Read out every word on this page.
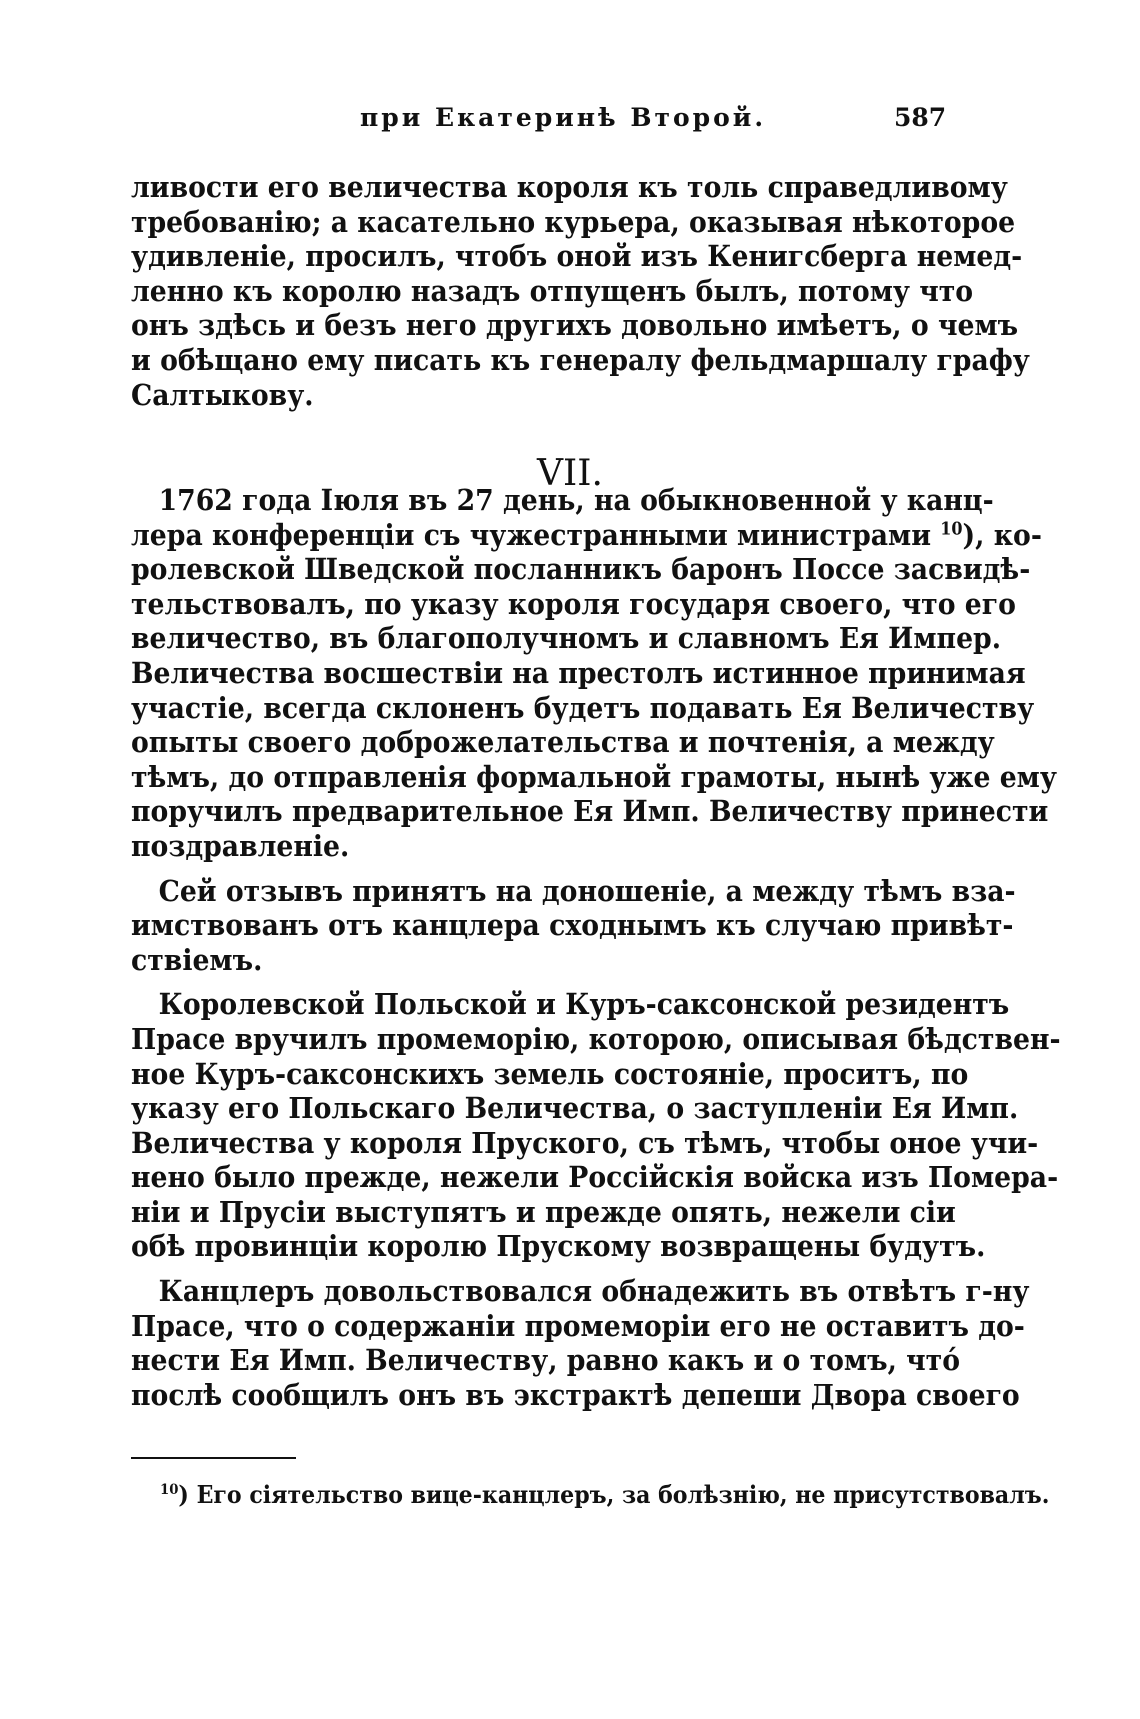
при Екатеринѣ Второй.	587
ливости его величества короля къ толь справедливому
требованію; а касательно курьера, оказывая нѣкоторое
удивленіе, просилъ, чтобъ оной изъ Кенигсберга немед-
ленно къ королю назадъ отпущенъ былъ, потому что
онъ здѣсь и безъ него другихъ довольно имѣетъ, о чемъ
и обѣщано ему писать къ генералу фельдмаршалу графу
Салтыкову.
VII.
1762 года Іюля въ 27 день, на обыкновенной у канц-
лера конференціи съ чужестранными министрами $^{10}$), ко-
ролевской Шведской посланникъ баронъ Поссе засвидѣ-
тельствовалъ, по указу короля государя своего, что его
величество, въ благополучномъ и славномъ Ея Импер.
Величества восшествіи на престолъ истинное принимая
участіе, всегда склоненъ будетъ подавать Ея Величеству
опыты своего доброжелательства и почтенія, а между
тѣмъ, до отправленія формальной грамоты, нынѣ уже ему
поручилъ предварительное Ея Имп. Величеству принести
поздравленіе.
Сей отзывъ принятъ на доношеніе, а между тѣмъ вза-
имствованъ отъ канцлера сходнымъ къ случаю привѣт-
ствіемъ.
Королевской Польской и Куръ-саксонской резидентъ
Прасе вручилъ промеморію, которою, описывая бѣдствен-
ное Куръ-саксонскихъ земель состояніе, проситъ, по
указу его Польскаго Величества, о заступленіи Ея Имп.
Величества у короля Пруского, съ тѣмъ, чтобы оное учи-
нено было прежде, нежели Россійскія войска изъ Помера-
ніи и Прусіи выступятъ и прежде опять, нежели сіи
обѣ провинціи королю Прускому возвращены будутъ.
Канцлеръ довольствовался обнадежить въ отвѣтъ г-ну
Прасе, что о содержаніи промеморіи его не оставитъ до-
нести Ея Имп. Величеству, равно какъ и о томъ, что́
послѣ сообщилъ онъ въ экстрактѣ депеши Двора своего
$^{10}$) Его сіятельство вице-канцлеръ, за болѣзнію, не присутствовалъ.
